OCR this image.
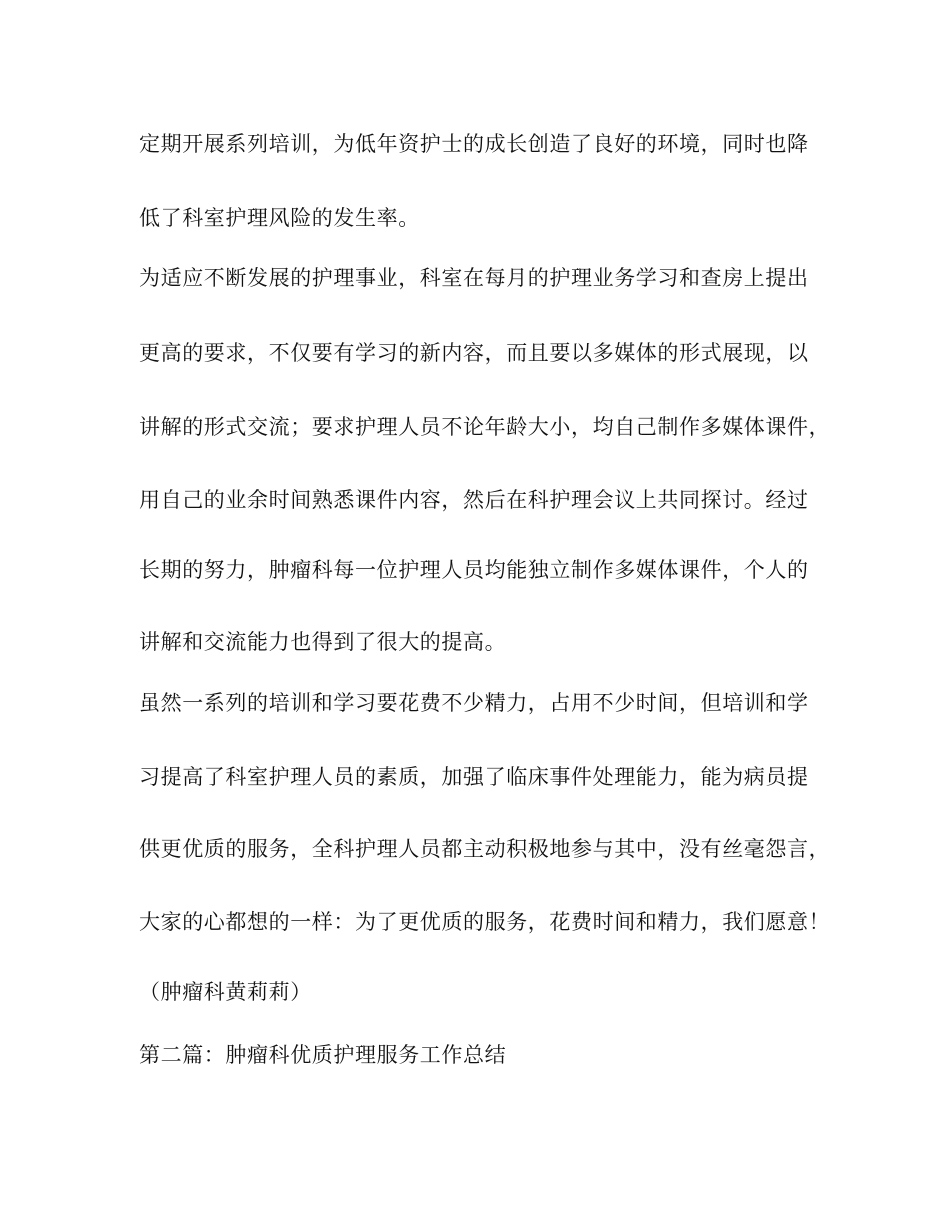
定期开展系列培训，为低年资护士的成长创造了良好的环境，同时也降
低了科室护理风险的发生率。
为适应不断发展的护理事业，科室在每月的护理业务学习和查房上提出
更高的要求，不仅要有学习的新内容，而且要以多媒体的形式展现，以
讲解的形式交流；要求护理人员不论年龄大小，均自己制作多媒体课件，
用自己的业余时间熟悉课件内容，然后在科护理会议上共同探讨。经过
长期的努力，肿瘤科每一位护理人员均能独立制作多媒体课件，个人的
讲解和交流能力也得到了很大的提高。
虽然一系列的培训和学习要花费不少精力，占用不少时间，但培训和学
习提高了科室护理人员的素质，加强了临床事件处理能力，能为病员提
供更优质的服务，全科护理人员都主动积极地参与其中，没有丝毫怨言，
大家的心都想的一样：为了更优质的服务，花费时间和精力，我们愿意！
（肿瘤科黄莉莉）
第二篇：肿瘤科优质护理服务工作总结
